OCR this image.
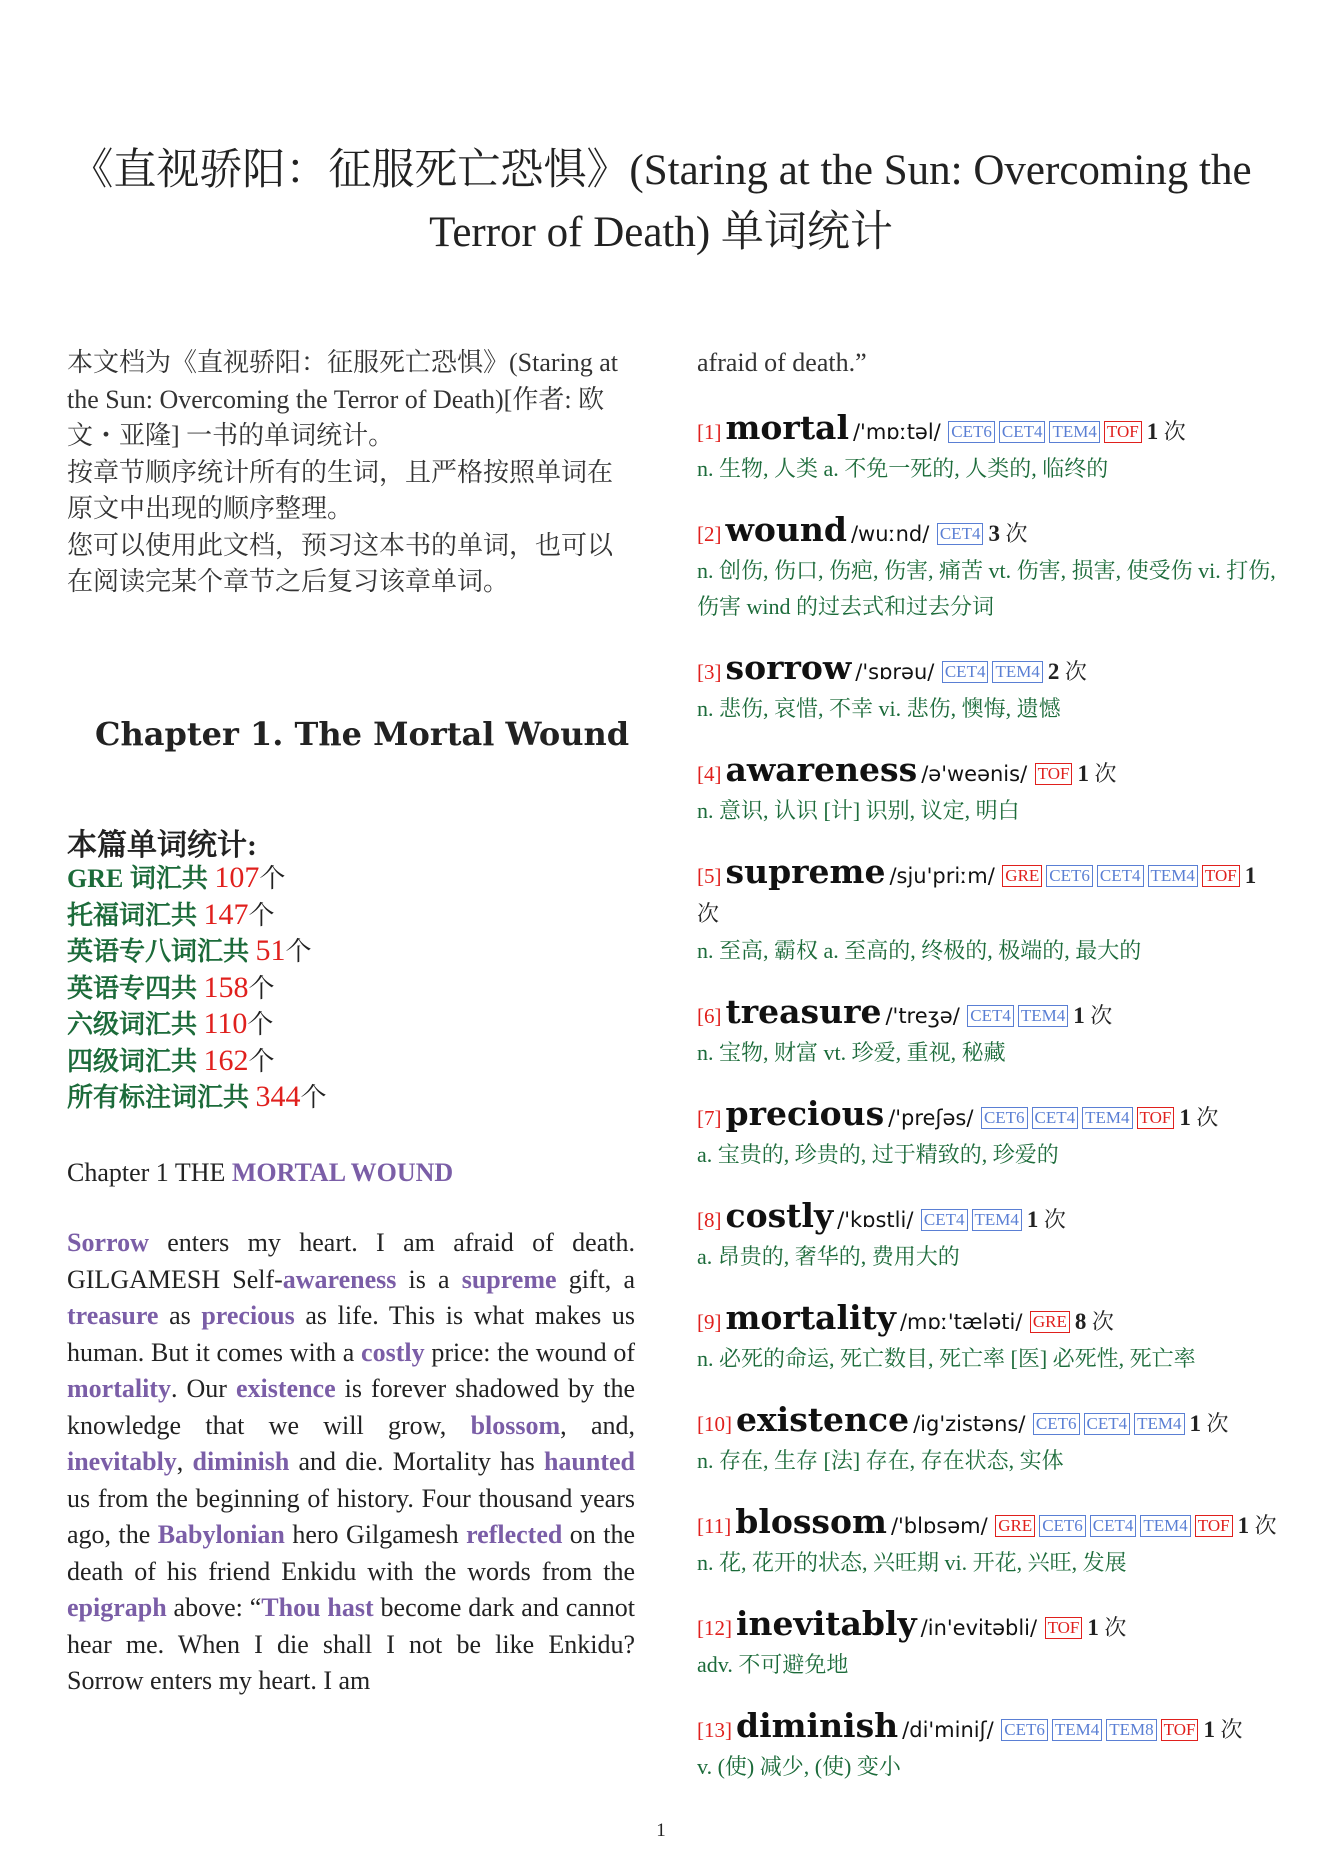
《直视骄阳：征服死亡恐惧》(Staring at the Sun: Overcoming the Terror of Death) 单词统计

本文档为《直视骄阳：征服死亡恐惧》(Staring at the Sun: Overcoming the Terror of Death)[作者: 欧文・亚隆] 一书的单词统计。
按章节顺序统计所有的生词，且严格按照单词在原文中出现的顺序整理。
您可以使用此文档，预习这本书的单词，也可以在阅读完某个章节之后复习该章单词。

Chapter 1. The Mortal Wound
本篇单词统计:
GRE 词汇共 107个
托福词汇共 147个
英语专八词汇共 51个
英语专四共 158个
六级词汇共 110个
四级词汇共 162个
所有标注词汇共 344个
Chapter 1 THE MORTAL WOUND
Sorrow enters my heart. I am afraid of death. GILGAMESH Self-awareness is a supreme gift, a treasure as precious as life. This is what makes us human. But it comes with a costly price: the wound of mortality. Our existence is forever shadowed by the knowledge that we will grow, blossom, and, inevitably, diminish and die. Mortality has haunted us from the beginning of history. Four thousand years ago, the Babylonian hero Gilgamesh reflected on the death of his friend Enkidu with the words from the epigraph above: “Thou hast become dark and cannot hear me. When I die shall I not be like Enkidu? Sorrow enters my heart. I am

afraid of death.”

[1] mortal /'mɒːtəl/ CET6 CET4 TEM4 TOF 1 次
n. 生物, 人类 a. 不免一死的, 人类的, 临终的
[2] wound /wuːnd/ CET4 3 次
n. 创伤, 伤口, 伤疤, 伤害, 痛苦 vt. 伤害, 损害, 使受伤 vi. 打伤, 伤害 wind 的过去式和过去分词
[3] sorrow /'sɒrəu/ CET4 TEM4 2 次
n. 悲伤, 哀惜, 不幸 vi. 悲伤, 懊悔, 遗憾
[4] awareness /ə'weənis/ TOF 1 次
n. 意识, 认识 [计] 识别, 议定, 明白
[5] supreme /sju'priːm/ GRE CET6 CET4 TEM4 TOF 1 次
n. 至高, 霸权 a. 至高的, 终极的, 极端的, 最大的
[6] treasure /'treʒə/ CET4 TEM4 1 次
n. 宝物, 财富 vt. 珍爱, 重视, 秘藏
[7] precious /'preʃəs/ CET6 CET4 TEM4 TOF 1 次
a. 宝贵的, 珍贵的, 过于精致的, 珍爱的
[8] costly /'kɒstli/ CET4 TEM4 1 次
a. 昂贵的, 奢华的, 费用大的
[9] mortality /mɒː'tæləti/ GRE 8 次
n. 必死的命运, 死亡数目, 死亡率 [医] 必死性, 死亡率
[10] existence /ig'zistəns/ CET6 CET4 TEM4 1 次
n. 存在, 生存 [法] 存在, 存在状态, 实体
[11] blossom /'blɒsəm/ GRE CET6 CET4 TEM4 TOF 1 次
n. 花, 花开的状态, 兴旺期 vi. 开花, 兴旺, 发展
[12] inevitably /in'evitəbli/ TOF 1 次
adv. 不可避免地
[13] diminish /di'miniʃ/ CET6 TEM4 TEM8 TOF 1 次
v. (使) 减少, (使) 变小
1
